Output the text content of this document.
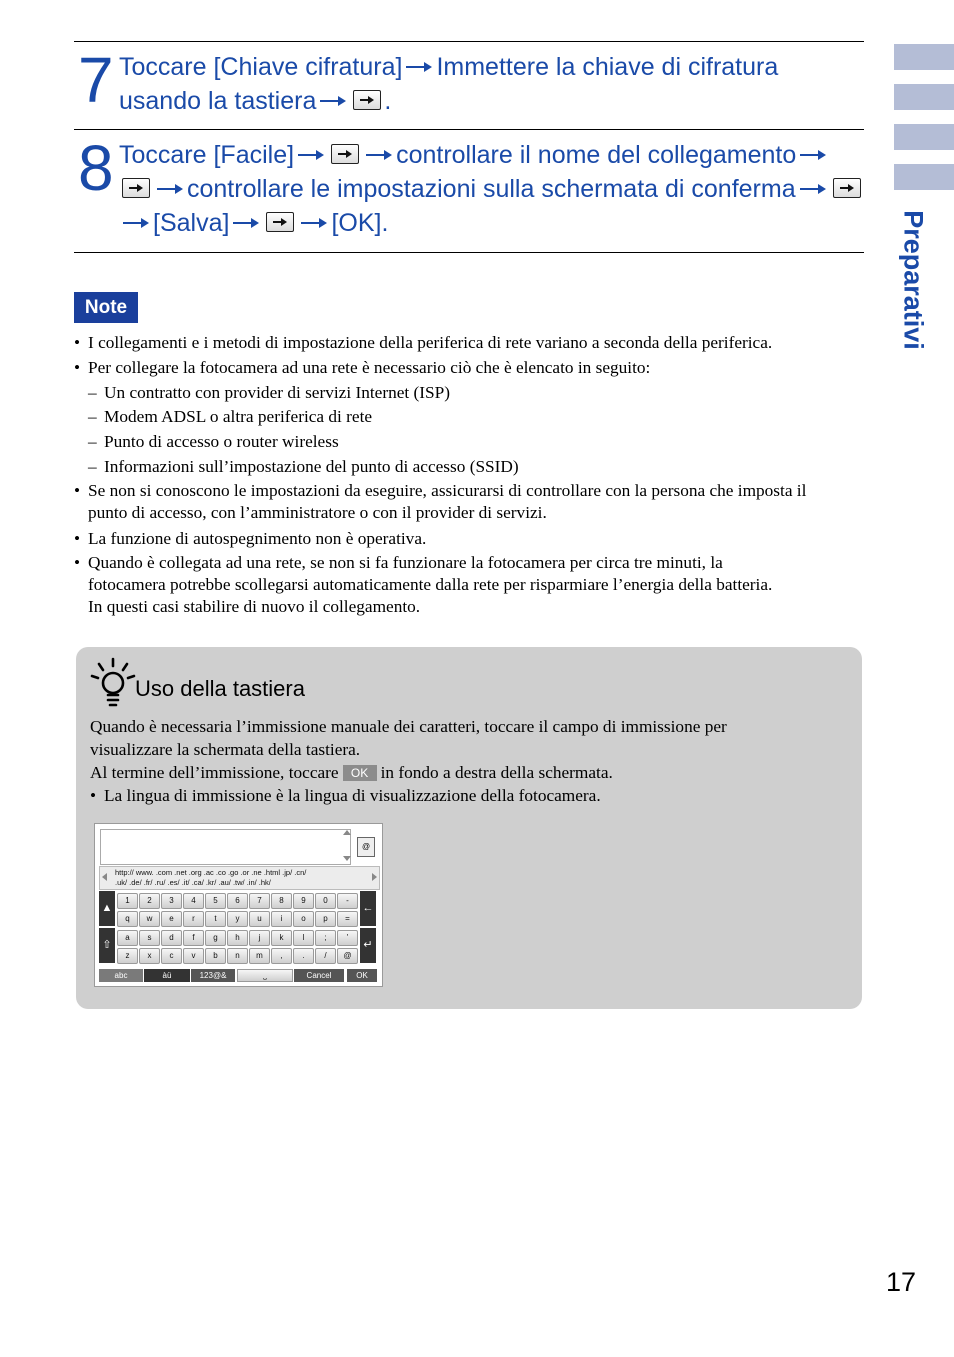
7 Toccare [Chiave cifratura] Immettere la chiave di cifratura usando la tastiera	.
8 Toccare [Facile]	controllare il nome del collegamentocontrollare le impostazioni sulla schermata di conferma[Salva]	[OK].
Note
• I collegamenti e i metodi di impostazione della periferica di rete variano a seconda della periferica.
• Per collegare la fotocamera ad una rete è necessario ciò che è elencato in seguito:
– Un contratto con provider di servizi Internet (ISP)
– Modem ADSL o altra periferica di rete
– Punto di accesso o router wireless
– Informazioni sull’impostazione del punto di accesso (SSID)
• Se non si conoscono le impostazioni da eseguire, assicurarsi di controllare con la persona che imposta il punto di accesso, con l’amministratore o con il provider di servizi.
• La funzione di autospegnimento non è operativa.
• Quando è collegata ad una rete, se non si fa funzionare la fotocamera per circa tre minuti, la
fotocamera potrebbe scollegarsi automaticamente dalla rete per risparmiare l’energia della batteria.
In questi casi stabilire di nuovo il collegamento.
Uso della tastiera
Quando è necessaria l’immissione manuale dei caratteri, toccare il campo di immissione per
visualizzare la schermata della tastiera.
Al termine dell’immissione, toccare OK in fondo a destra della schermata.
• La lingua di immissione è la lingua di visualizzazione della fotocamera.
@
http:// www. .com .net .org .ac .co .go .or .ne .html .jp/ .cn/
.uk/ .de/ .fr/ .ru/ .es/ .it/ .ca/ .kr/ .au/ .tw/ .in/ .hk/
▲
⇧
←
↵
1	2	3	4	5	6	7	8	9	0	-
q	w	e	r	t	y	u	i	o	p	=
a	s	d	f	g	h	j	k	l	;	'
z	x	c	v	b	n	m	,	.	/	@
abc	àü	123@&	⎵	Cancel	OK
Preparativi
17
